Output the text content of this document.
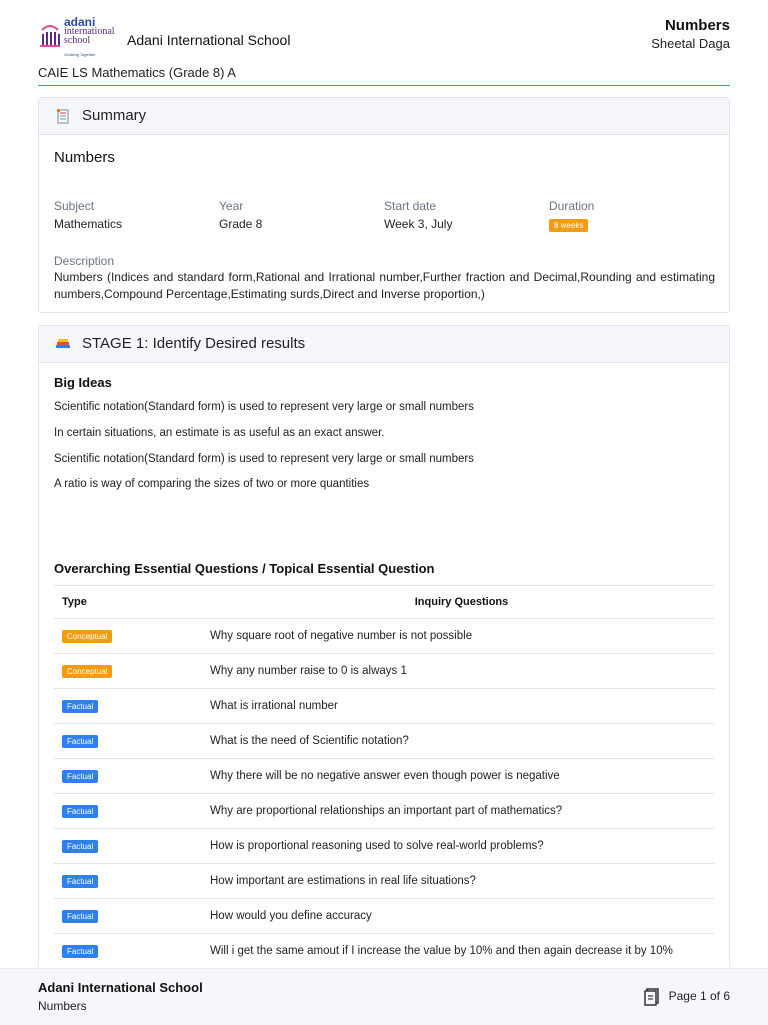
adani
international
school
Growing Together
Adani International School
Numbers
Sheetal Daga
CAIE LS Mathematics (Grade 8) A
Summary
Numbers
Subject
Mathematics
Year
Grade 8
Start date
Week 3, July
Duration
8 weeks
Description
Numbers (Indices and standard form,Rational and Irrational number,Further fraction and Decimal,Rounding and estimating numbers,Compound Percentage,Estimating surds,Direct and Inverse proportion,)
STAGE 1: Identify Desired results
Big Ideas
Scientific notation(Standard form) is used to represent very large or small numbers
In certain situations, an estimate is as useful as an exact answer.
Scientific notation(Standard form) is used to represent very large or small numbers
A ratio is way of comparing the sizes of two or more quantities
Overarching Essential Questions / Topical Essential Question
Type	Inquiry Questions
Conceptual	Why square root of negative number is not possible
Conceptual	Why any number raise to 0 is always 1
Factual	What is irrational number
Factual	What is the need of Scientific notation?
Factual	Why there will be no negative answer even though power is negative
Factual	Why are proportional relationships an important part of mathematics?
Factual	How is proportional reasoning used to solve real-world problems?
Factual	How important are estimations in real life situations?
Factual	How would you define accuracy
Factual	Will i get the same amout if I increase the value by 10% and then again decrease it by 10%
Adani International School
Numbers
Page 1 of 6
